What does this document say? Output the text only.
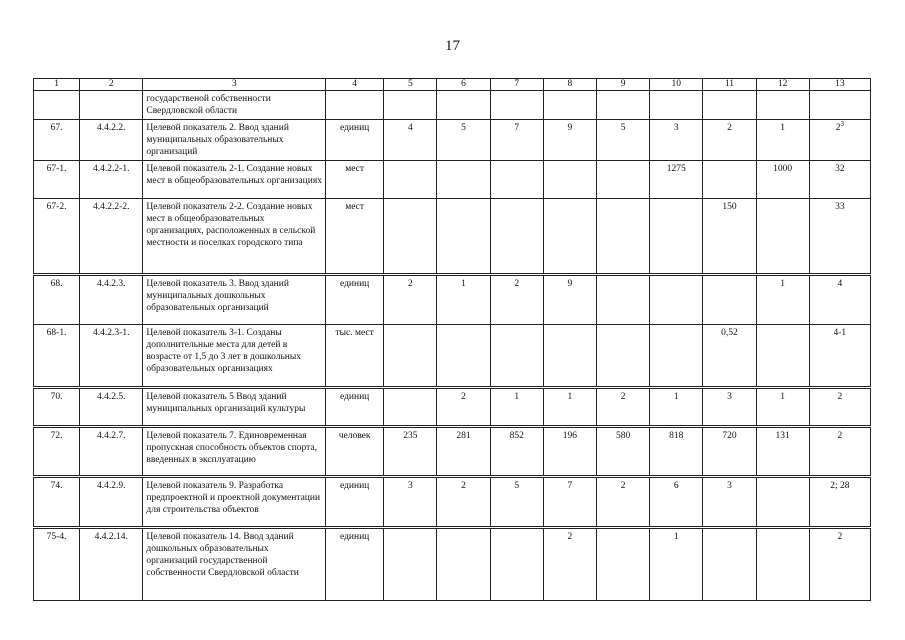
17
1	2	3	4	5	6	7	8	9	10	11	12	13
		государственой собственности Свердловской области										
67.	4.4.2.2.	Целевой показатель 2. Ввод зданий муниципальных образовательных организаций	единиц	4	5	7	9	5	3	2	1	$2^3$
67-1.	4.4.2.2-1.	Целевой показатель 2-1. Создание новых мест в общеобразовательных организациях	мест						1275		1000	32
67-2.	4.4.2.2-2.	Целевой показатель 2-2. Создание новых мест в общеобразовательных организациях, расположенных в сельской местности и поселках городского типа	мест							150		33
68.	4.4.2.3.	Целевой показатель 3. Ввод зданий муниципальных дошкольных образовательных организаций	единиц	2	1	2	9				1	4
68-1.	4.4.2.3-1.	Целевой показатель 3-1. Созданы дополнительные места для детей в возрасте от 1,5 до 3 лет в дошкольных образовательных организациях	тыс. мест							0,52		4-1
70.	4.4.2.5.	Целевой показатель 5 Ввод зданий муниципальных организаций культуры	единиц		2	1	1	2	1	3	1	2
72.	4.4.2.7.	Целевой показатель 7. Единовременная пропускная способность объектов спорта, введенных в эксплуатацию	человек	235	281	852	196	580	818	720	131	2
74.	4.4.2.9.	Целевой показатель 9. Разработка предпроектной и проектной документации для строительства объектов	единиц	3	2	5	7	2	6	3		2; 28
75-4.	4.4.2.14.	Целевой показатель 14. Ввод зданий дошкольных образовательных организаций государственной собственности Свердловской области	единиц				2		1			2
